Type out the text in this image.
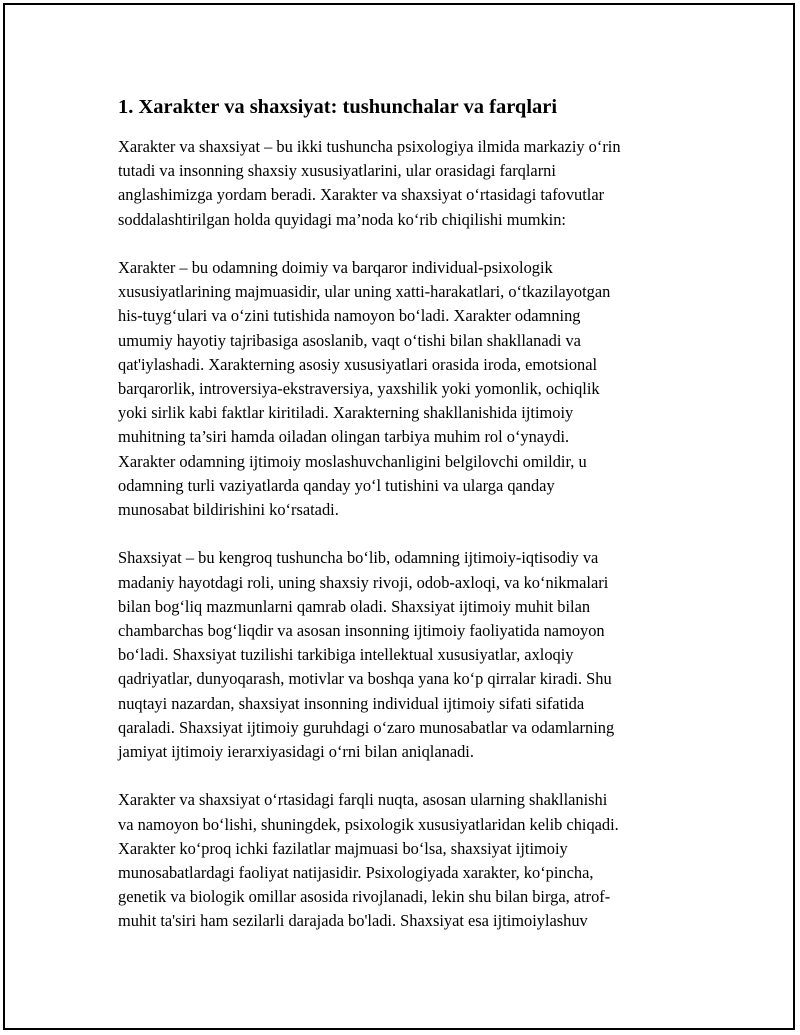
1. Xarakter va shaxsiyat: tushunchalar va farqlari

Xarakter va shaxsiyat – bu ikki tushuncha psixologiya ilmida markaziy o‘rin
tutadi va insonning shaxsiy xususiyatlarini, ular orasidagi farqlarni
anglashimizga yordam beradi. Xarakter va shaxsiyat o‘rtasidagi tafovutlar
soddalashtirilgan holda quyidagi ma’noda ko‘rib chiqilishi mumkin:

Xarakter – bu odamning doimiy va barqaror individual-psixologik
xususiyatlarining majmuasidir, ular uning xatti-harakatlari, o‘tkazilayotgan
his-tuyg‘ulari va o‘zini tutishida namoyon bo‘ladi. Xarakter odamning
umumiy hayotiy tajribasiga asoslanib, vaqt o‘tishi bilan shakllanadi va
qat'iylashadi. Xarakterning asosiy xususiyatlari orasida iroda, emotsional
barqarorlik, introversiya-ekstraversiya, yaxshilik yoki yomonlik, ochiqlik
yoki sirlik kabi faktlar kiritiladi. Xarakterning shakllanishida ijtimoiy
muhitning ta’siri hamda oiladan olingan tarbiya muhim rol o‘ynaydi.
Xarakter odamning ijtimoiy moslashuvchanligini belgilovchi omildir, u
odamning turli vaziyatlarda qanday yo‘l tutishini va ularga qanday
munosabat bildirishini ko‘rsatadi.

Shaxsiyat – bu kengroq tushuncha bo‘lib, odamning ijtimoiy-iqtisodiy va
madaniy hayotdagi roli, uning shaxsiy rivoji, odob-axloqi, va ko‘nikmalari
bilan bog‘liq mazmunlarni qamrab oladi. Shaxsiyat ijtimoiy muhit bilan
chambarchas bog‘liqdir va asosan insonning ijtimoiy faoliyatida namoyon
bo‘ladi. Shaxsiyat tuzilishi tarkibiga intellektual xususiyatlar, axloqiy
qadriyatlar, dunyoqarash, motivlar va boshqa yana ko‘p qirralar kiradi. Shu
nuqtayi nazardan, shaxsiyat insonning individual ijtimoiy sifati sifatida
qaraladi. Shaxsiyat ijtimoiy guruhdagi o‘zaro munosabatlar va odamlarning
jamiyat ijtimoiy ierarxiyasidagi o‘rni bilan aniqlanadi.

Xarakter va shaxsiyat o‘rtasidagi farqli nuqta, asosan ularning shakllanishi
va namoyon bo‘lishi, shuningdek, psixologik xususiyatlaridan kelib chiqadi.
Xarakter ko‘proq ichki fazilatlar majmuasi bo‘lsa, shaxsiyat ijtimoiy
munosabatlardagi faoliyat natijasidir. Psixologiyada xarakter, ko‘pincha,
genetik va biologik omillar asosida rivojlanadi, lekin shu bilan birga, atrof-
muhit ta'siri ham sezilarli darajada bo'ladi. Shaxsiyat esa ijtimoiylashuv
